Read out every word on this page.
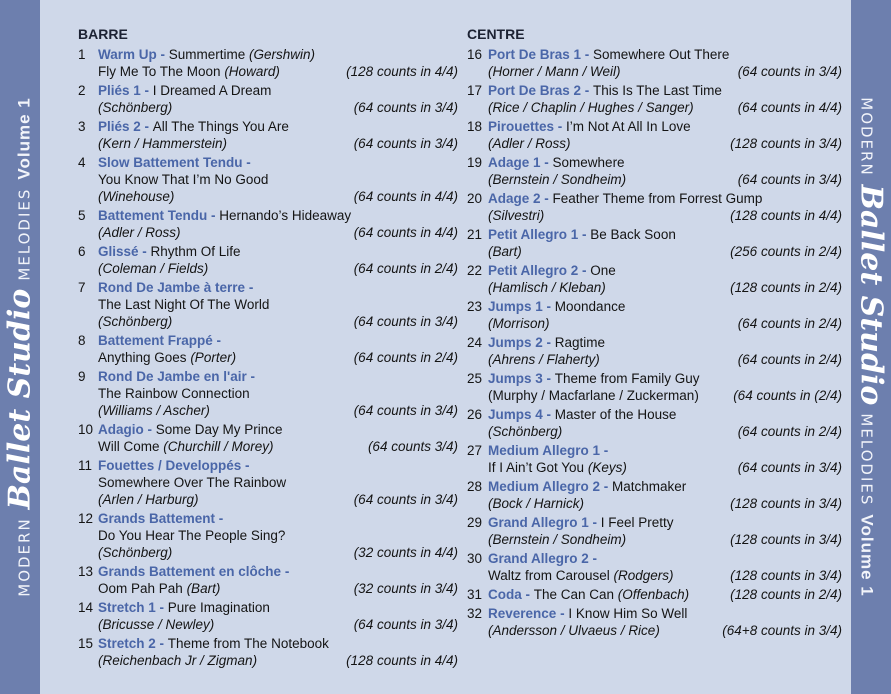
MODERN
Ballet Studio
MELODIES
Volume 1
BARRE
1 Warm Up - Summertime (Gershwin)
Fly Me To The Moon (Howard)	(128 counts in 4/4)
2 Pliés 1 - I Dreamed A Dream
(Schönberg)	(64 counts in 3/4)
3 Pliés 2 - All The Things You Are
(Kern / Hammerstein)	(64 counts in 3/4)
4 Slow Battement Tendu -
You Know That I’m No Good
(Winehouse)	(64 counts in 4/4)
5 Battement Tendu - Hernando’s Hideaway
(Adler / Ross)	(64 counts in 4/4)
6 Glissé - Rhythm Of Life
(Coleman / Fields)	(64 counts in 2/4)
7 Rond De Jambe à terre -
The Last Night Of The World
(Schönberg)	(64 counts in 3/4)
8 Battement Frappé -
Anything Goes (Porter)	(64 counts in 2/4)
9 Rond De Jambe en l'air -
The Rainbow Connection
(Williams / Ascher)	(64 counts in 3/4)
10 Adagio - Some Day My Prince
Will Come (Churchill / Morey)	(64 counts 3/4)
11 Fouettes / Developpés -
Somewhere Over The Rainbow
(Arlen / Harburg)	(64 counts in 3/4)
12 Grands Battement -
Do You Hear The People Sing?
(Schönberg)	(32 counts in 4/4)
13 Grands Battement en clôche -
Oom Pah Pah (Bart)	(32 counts in 3/4)
14 Stretch 1 - Pure Imagination
(Bricusse / Newley)	(64 counts in 3/4)
15 Stretch 2 - Theme from The Notebook
(Reichenbach Jr / Zigman)	(128 counts in 4/4)
CENTRE
16 Port De Bras 1 - Somewhere Out There
(Horner / Mann / Weil)	(64 counts in 3/4)
17 Port De Bras 2 - This Is The Last Time
(Rice / Chaplin / Hughes / Sanger)	(64 counts in 4/4)
18 Pirouettes - I’m Not At All In Love
(Adler / Ross)	(128 counts in 3/4)
19 Adage 1 - Somewhere
(Bernstein / Sondheim)	(64 counts in 3/4)
20 Adage 2 - Feather Theme from Forrest Gump
(Silvestri)	(128 counts in 4/4)
21 Petit Allegro 1 - Be Back Soon
(Bart)	(256 counts in 2/4)
22 Petit Allegro 2 - One
(Hamlisch / Kleban)	(128 counts in 2/4)
23 Jumps 1 - Moondance
(Morrison)	(64 counts in 2/4)
24 Jumps 2 - Ragtime
(Ahrens / Flaherty)	(64 counts in 2/4)
25 Jumps 3 - Theme from Family Guy
(Murphy / Macfarlane / Zuckerman)	(64 counts in (2/4)
26 Jumps 4 - Master of the House
(Schönberg)	(64 counts in 2/4)
27 Medium Allegro 1 -
If I Ain’t Got You (Keys)	(64 counts in 3/4)
28 Medium Allegro 2 - Matchmaker
(Bock / Harnick)	(128 counts in 3/4)
29 Grand Allegro 1 - I Feel Pretty
(Bernstein / Sondheim)	(128 counts in 3/4)
30 Grand Allegro 2 -
Waltz from Carousel (Rodgers)	(128 counts in 3/4)
31 Coda - The Can Can (Offenbach)	(128 counts in 2/4)
32 Reverence - I Know Him So Well
(Andersson / Ulvaeus / Rice)	(64+8 counts in 3/4)
MODERN
Ballet Studio
MELODIES
Volume 1
